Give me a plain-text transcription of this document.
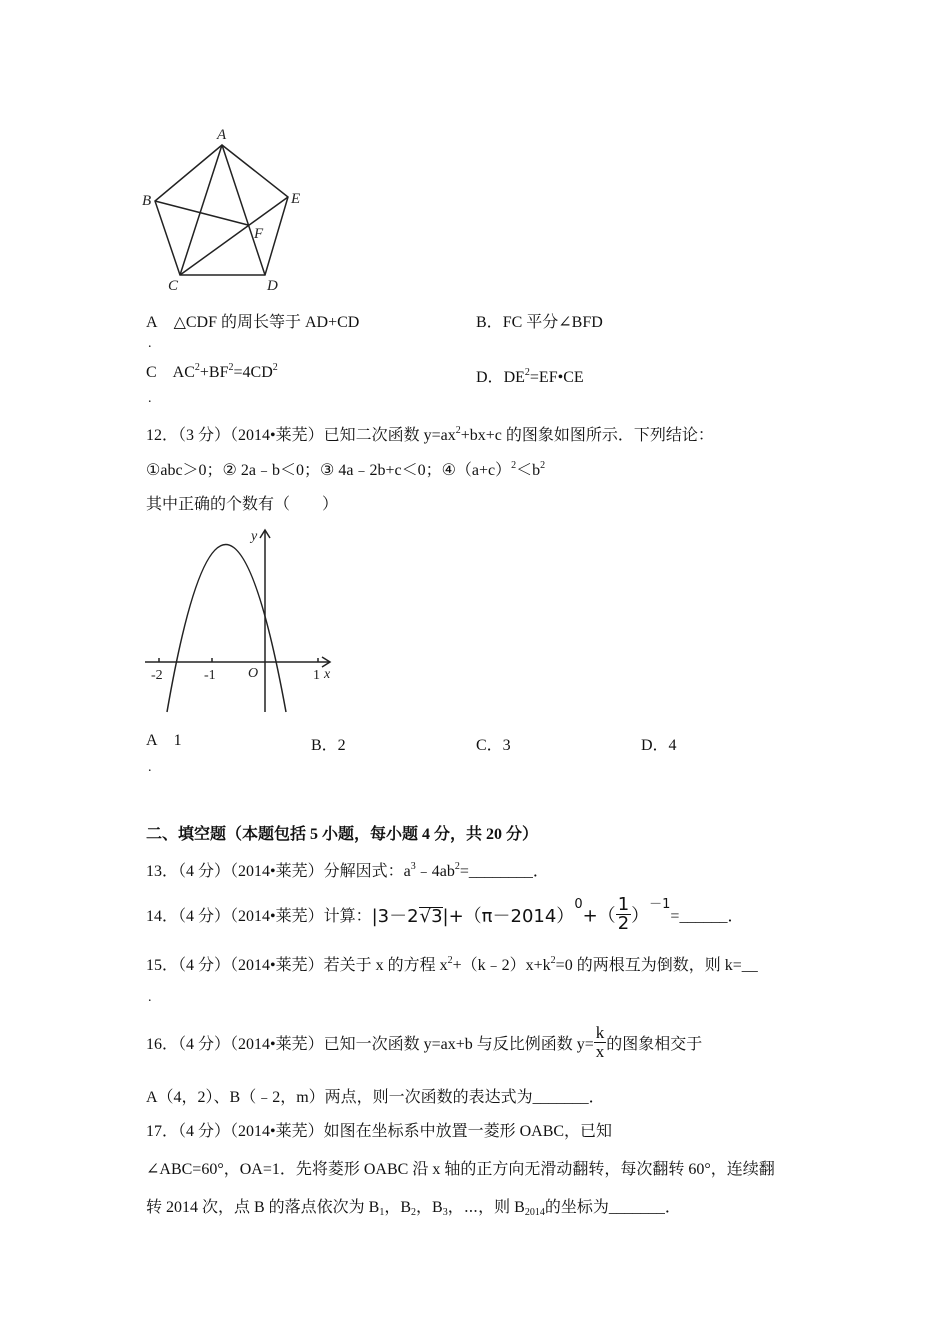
A
B
C	D
E
F
A △CDF 的周长等于 AD+CD
.
B．FC 平分∠BFD
C $AC^2+BF^2=4CD^2$
.
D．$DE^2=EF•CE$
12．（3 分）（2014•莱芜）已知二次函数 $y=ax^2+bx+c$ 的图象如图所示．下列结论：
①abc＞0；② 2a﹣b＜0；③ 4a﹣2b+c＜0；$④(a+c)^2<b^2$
其中正确的个数有（　　）
y
x
O
-2	-1	1
A 1
.
B．2	C．3	D．4
二、填空题（本题包括 5 小题，每小题 4 分，共 20 分）
13．（4 分）（2014•莱芜）分解因式：$a^3﹣4ab^2=\_\_\_\_\_\_\_\_$．
14．（4 分）（2014•莱芜）计算：$|3-2√3|+(\pi-2014)^0+( \frac{1}{2}$ ）$^{-1}=\_\_\_\_\_\_$．
15．（4 分）（2014•莱芜）若关于 x 的方程 $x^2+(k﹣2)x+k^2=0$ 的两根互为倒数，则 k=__
.
16．（4 分）（2014•莱芜）已知一次函数 y=ax+b 与反比例函数 $y= \frac{k}{x}$ 的图象相交于
A（4，2）、B（﹣2，m）两点，则一次函数的表达式为_______．
17．（4 分）（2014•莱芜）如图在坐标系中放置一菱形 OABC，已知
∠ABC=60°，OA=1．先将菱形 OABC 沿 x 轴的正方向无滑动翻转，每次翻转 60°，连续翻
转 2014 次，点 B 的落点依次为 $B_1$，$B_2$，$B_3$，⋯，则 $B_{2014}$的坐标为_______．
